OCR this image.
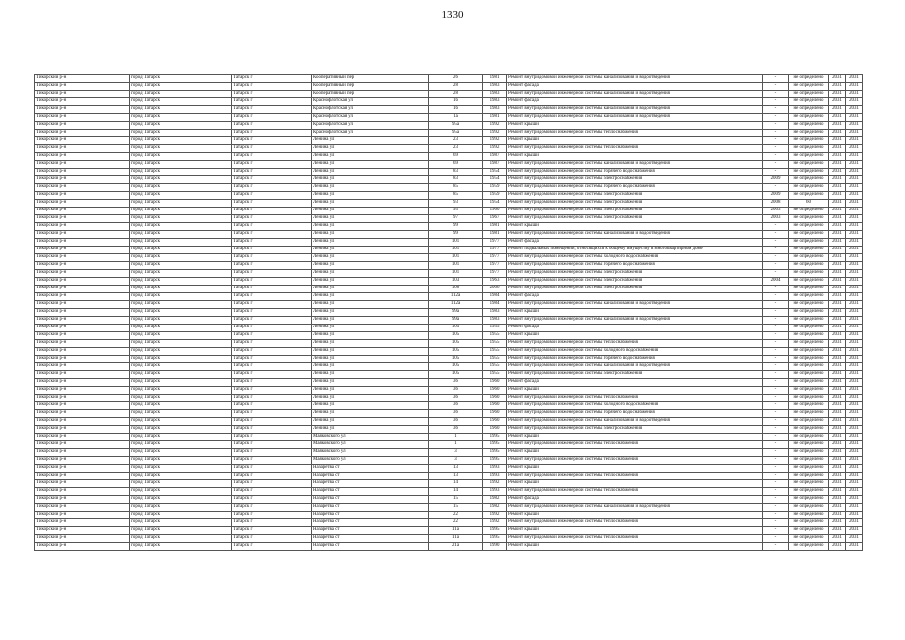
1330
Тикорский р-н	город Татарск	Татарск г	Кооперативный пер	26	1981	Ремонт внутридомовой инженерной системы канализования и водоотведения	-	не определено	2031	2031
Тикорский р-н	город Татарск	Татарск г	Кооперативный пер	28	1983	Ремонт фасада	-	не определено	2031	2031
Тикорский р-н	город Татарск	Татарск г	Кооперативный пер	28	1983	Ремонт внутридомовой инженерной системы канализования и водоотведения	-	не определено	2031	2031
Тикорский р-н	город Татарск	Татарск г	Краснофлотская ул	1б	1983	Ремонт фасада	-	не определено	2031	2031
Тикорский р-н	город Татарск	Татарск г	Краснофлотская ул	1б	1983	Ремонт внутридомовой инженерной системы канализования и водоотведения	-	не определено	2031	2031
Тикорский р-н	город Татарск	Татарск г	Краснофлотская ул	1а	1981	Ремонт внутридомовой инженерной системы канализования и водоотведения	-	не определено	2031	2031
Тикорский р-н	город Татарск	Татарск г	Краснофлотская ул	95а	1992	Ремонт крыши	-	не определено	2031	2031
Тикорский р-н	город Татарск	Татарск г	Краснофлотская ул	95а	1992	Ремонт внутридомовой инженерной системы теплоснабжения	-	не определено	2031	2031
Тикорский р-н	город Татарск	Татарск г	Ленина ул	23	1992	Ремонт крыши	-	не определено	2031	2031
Тикорский р-н	город Татарск	Татарск г	Ленина ул	23	1992	Ремонт внутридомовой инженерной системы теплоснабжения	-	не определено	2031	2031
Тикорский р-н	город Татарск	Татарск г	Ленина ул	69	1987	Ремонт крыши	-	не определено	2031	2031
Тикорский р-н	город Татарск	Татарск г	Ленина ул	69	1987	Ремонт внутридомовой инженерной системы канализования и водоотведения	-	не определено	2031	2031
Тикорский р-н	город Татарск	Татарск г	Ленина ул	83	1954	Ремонт внутридомовой инженерной системы горячего водоснабжения	-	не определено	2031	2031
Тикорский р-н	город Татарск	Татарск г	Ленина ул	83	1954	Ремонт внутридомовой инженерной системы электроснабжения	2009	не определено	2031	2031
Тикорский р-н	город Татарск	Татарск г	Ленина ул	85	1959	Ремонт внутридомовой инженерной системы горячего водоснабжения	-	не определено	2031	2031
Тикорский р-н	город Татарск	Татарск г	Ленина ул	85	1959	Ремонт внутридомовой инженерной системы электроснабжения	2009	не определено	2031	2031
Тикорский р-н	город Татарск	Татарск г	Ленина ул	93	1954	Ремонт внутридомовой инженерной системы электроснабжения	2008	60	2031	2031
Тикорский р-н	город Татарск	Татарск г	Ленина ул	95	1960	Ремонт внутридомовой инженерной системы электроснабжения	2003	не определено	2031	2031
Тикорский р-н	город Татарск	Татарск г	Ленина ул	97	1967	Ремонт внутридомовой инженерной системы электроснабжения	2003	не определено	2031	2031
Тикорский р-н	город Татарск	Татарск г	Ленина ул	99	1981	Ремонт крыши	-	не определено	2031	2031
Тикорский р-н	город Татарск	Татарск г	Ленина ул	99	1981	Ремонт внутридомовой инженерной системы канализования и водоотведения	-	не определено	2031	2031
Тикорский р-н	город Татарск	Татарск г	Ленина ул	101	1977	Ремонт фасада	-	не определено	2031	2031
Тикорский р-н	город Татарск	Татарск г	Ленина ул	101	1977	Ремонт подвальных помещений, относящихся к общему имуществу в многоквартирном доме	-	не определено	2031	2031
Тикорский р-н	город Татарск	Татарск г	Ленина ул	101	1977	Ремонт внутридомовой инженерной системы холодного водоснабжения	-	не определено	2031	2031
Тикорский р-н	город Татарск	Татарск г	Ленина ул	101	1977	Ремонт внутридомовой инженерной системы горячего водоснабжения	-	не определено	2031	2031
Тикорский р-н	город Татарск	Татарск г	Ленина ул	101	1977	Ремонт внутридомовой инженерной системы электроснабжения	-	не определено	2031	2031
Тикорский р-н	город Татарск	Татарск г	Ленина ул	103	1963	Ремонт внутридомовой инженерной системы электроснабжения	2004	не определено	2031	2031
Тикорский р-н	город Татарск	Татарск г	Ленина ул	106	2006	Ремонт внутридомовой инженерной системы электроснабжения	-	не определено	2031	2031
Тикорский р-н	город Татарск	Татарск г	Ленина ул	112а	1984	Ремонт фасада	-	не определено	2031	2031
Тикорский р-н	город Татарск	Татарск г	Ленина ул	112а	1984	Ремонт внутридомовой инженерной системы канализования и водоотведения	-	не определено	2031	2031
Тикорский р-н	город Татарск	Татарск г	Ленина ул	99а	1983	Ремонт крыши	-	не определено	2031	2031
Тикорский р-н	город Татарск	Татарск г	Ленина ул	99а	1983	Ремонт внутридомовой инженерной системы канализования и водоотведения	-	не определено	2031	2031
Тикорский р-н	город Татарск	Татарск г	Ленина ул	105	1955	Ремонт фасада	-	не определено	2031	2031
Тикорский р-н	город Татарск	Татарск г	Ленина ул	105	1955	Ремонт крыши	-	не определено	2031	2031
Тикорский р-н	город Татарск	Татарск г	Ленина ул	105	1955	Ремонт внутридомовой инженерной системы теплоснабжения	-	не определено	2031	2031
Тикорский р-н	город Татарск	Татарск г	Ленина ул	105	1955	Ремонт внутридомовой инженерной системы холодного водоснабжения	-	не определено	2031	2031
Тикорский р-н	город Татарск	Татарск г	Ленина ул	105	1955	Ремонт внутридомовой инженерной системы горячего водоснабжения	-	не определено	2031	2031
Тикорский р-н	город Татарск	Татарск г	Ленина ул	105	1955	Ремонт внутридомовой инженерной системы канализования и водоотведения	-	не определено	2031	2031
Тикорский р-н	город Татарск	Татарск г	Ленина ул	105	1955	Ремонт внутридомовой инженерной системы электроснабжения	-	не определено	2031	2031
Тикорский р-н	город Татарск	Татарск г	Ленина ул	36	1960	Ремонт фасада	-	не определено	2031	2031
Тикорский р-н	город Татарск	Татарск г	Ленина ул	36	1960	Ремонт крыши	-	не определено	2031	2031
Тикорский р-н	город Татарск	Татарск г	Ленина ул	36	1960	Ремонт внутридомовой инженерной системы теплоснабжения	-	не определено	2031	2031
Тикорский р-н	город Татарск	Татарск г	Ленина ул	36	1960	Ремонт внутридомовой инженерной системы холодного водоснабжения	-	не определено	2031	2031
Тикорский р-н	город Татарск	Татарск г	Ленина ул	36	1960	Ремонт внутридомовой инженерной системы горячего водоснабжения	-	не определено	2031	2031
Тикорский р-н	город Татарск	Татарск г	Ленина ул	36	1960	Ремонт внутридомовой инженерной системы канализования и водоотведения	-	не определено	2031	2031
Тикорский р-н	город Татарск	Татарск г	Ленина ул	36	1960	Ремонт внутридомовой инженерной системы электроснабжения	-	не определено	2031	2031
Тикорский р-н	город Татарск	Татарск г	Маяковского ул	1	1995	Ремонт крыши	-	не определено	2031	2031
Тикорский р-н	город Татарск	Татарск г	Маяковского ул	1	1995	Ремонт внутридомовой инженерной системы теплоснабжения	-	не определено	2031	2031
Тикорский р-н	город Татарск	Татарск г	Маяковского ул	3	1995	Ремонт крыши	-	не определено	2031	2031
Тикорский р-н	город Татарск	Татарск г	Маяковского ул	3	1995	Ремонт внутридомовой инженерной системы теплоснабжения	-	не определено	2031	2031
Тикорский р-н	город Татарск	Татарск г	Назаретва ст	13	1993	Ремонт крыши	-	не определено	2031	2031
Тикорский р-н	город Татарск	Татарск г	Назаретва ст	13	1993	Ремонт внутридомовой инженерной системы теплоснабжения	-	не определено	2031	2031
Тикорский р-н	город Татарск	Татарск г	Назаретва ст	14	1992	Ремонт крыши	-	не определено	2031	2031
Тикорский р-н	город Татарск	Татарск г	Назаретва ст	14	1993	Ремонт внутридомовой инженерной системы теплоснабжения	-	не определено	2031	2031
Тикорский р-н	город Татарск	Татарск г	Назаретва ст	15	1982	Ремонт фасада	-	не определено	2031	2031
Тикорский р-н	город Татарск	Татарск г	Назаретва ст	15	1982	Ремонт внутридомовой инженерной системы канализования и водоотведения	-	не определено	2031	2031
Тикорский р-н	город Татарск	Татарск г	Назаретва ст	22	1992	Ремонт крыши	-	не определено	2031	2031
Тикорский р-н	город Татарск	Татарск г	Назаретва ст	22	1992	Ремонт внутридомовой инженерной системы теплоснабжения	-	не определено	2031	2031
Тикорский р-н	город Татарск	Татарск г	Назаретва ст	11а	1995	Ремонт крыши	-	не определено	2031	2031
Тикорский р-н	город Татарск	Татарск г	Назаретва ст	11а	1995	Ремонт внутридомовой инженерной системы теплоснабжения	-	не определено	2031	2031
Тикорский р-н	город Татарск	Татарск г	Назаретва ст	21а	1990	Ремонт крыши	-	не определено	2031	2031
